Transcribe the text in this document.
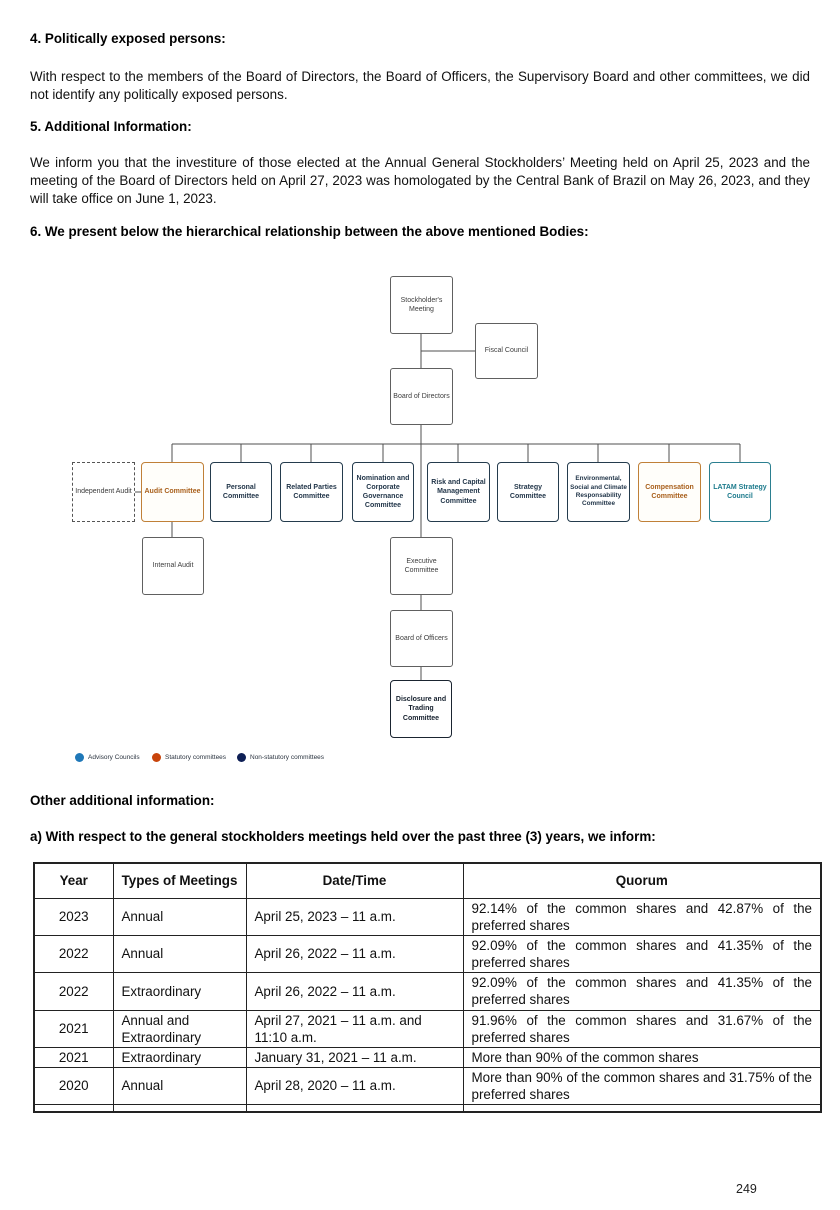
4. Politically exposed persons:
With respect to the members of the Board of Directors, the Board of Officers, the Supervisory Board and other committees, we did not identify any politically exposed persons.
5. Additional Information:
We inform you that the investiture of those elected at the Annual General Stockholders’ Meeting held on April 25, 2023 and the meeting of the Board of Directors held on April 27, 2023 was homologated by the Central Bank of Brazil on May 26, 2023, and they will take office on June 1, 2023.
6. We present below the hierarchical relationship between the above mentioned Bodies:
Stockholder's Meeting
Fiscal Council
Board of Directors
Independent Audit Audit Committee
Personal Committee
Related Parties Committee
Nomination and Corporate Governance Committee
Risk and Capital Management Committee
Strategy Committee
Environmental, Social and Climate Responsability Committee
Compensation Committee
LATAM Strategy Council
Internal Audit
Executive Committee
Board of Officers
Disclosure and Trading Committee
Advisory Councils	Statutory committees	Non-statutory committees
Other additional information:
a) With respect to the general stockholders meetings held over the past three (3) years, we inform:
Year	Types of Meetings	Date/Time	Quorum
2023	Annual	April 25, 2023 – 11 a.m.	92.14% of the common shares and 42.87% of the preferred shares
2022	Annual	April 26, 2022 – 11 a.m.	92.09% of the common shares and 41.35% of the preferred shares
2022	Extraordinary	April 26, 2022 – 11 a.m.	92.09% of the common shares and 41.35% of the preferred shares
2021	Annual and Extraordinary	April 27, 2021 – 11 a.m. and 11:10 a.m.	91.96% of the common shares and 31.67% of the preferred shares
2021	Extraordinary	January 31, 2021 – 11 a.m.	More than 90% of the common shares
2020	Annual	April 28, 2020 – 11 a.m.	More than 90% of the common shares and 31.75% of the preferred shares

249
